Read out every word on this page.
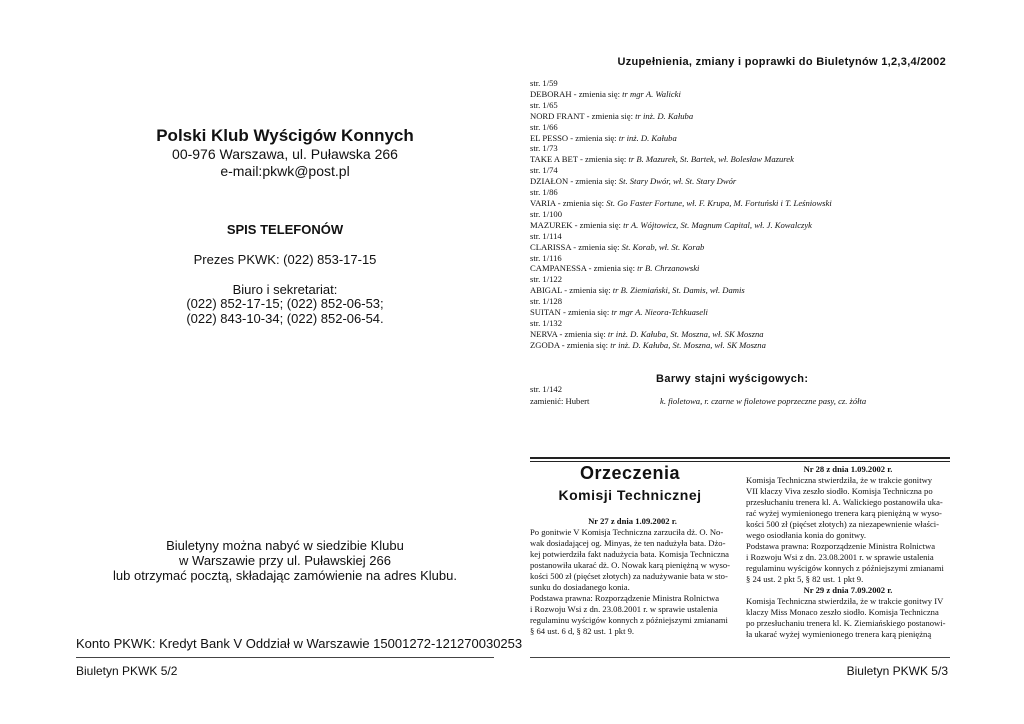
Polski Klub Wyścigów Konnych
00-976 Warszawa, ul. Puławska 266
e-mail:pkwk@post.pl
SPIS TELEFONÓW
Prezes PKWK: (022) 853-17-15
Biuro i sekretariat:
(022) 852-17-15; (022) 852-06-53;
(022) 843-10-34; (022) 852-06-54.
Biuletyny można nabyć w siedzibie Klubu
w Warszawie przy ul. Puławskiej 266
lub otrzymać pocztą, składając zamówienie na adres Klubu.
Konto PKWK: Kredyt Bank V Oddział w Warszawie 15001272-121270030253
Biuletyn PKWK 5/2
Uzupełnienia, zmiany i poprawki do Biuletynów 1,2,3,4/2002
str. 1/59
DEBORAH - zmienia się: tr mgr A. Walicki
str. 1/65
NORD FRANT - zmienia się: tr inż. D. Kałuba
str. 1/66
EL PESSO - zmienia się: tr inż. D. Kałuba
str. 1/73
TAKE A BET - zmienia się: tr B. Mazurek, St. Bartek, wł. Bolesław Mazurek
str. 1/74
DZIAŁON - zmienia się: St. Stary Dwór, wł. St. Stary Dwór
str. 1/86
VARIA - zmienia się: St. Go Faster Fortune, wł. F. Krupa, M. Fortuński i T. Leśniowski
str. 1/100
MAZUREK - zmienia się: tr A. Wójtowicz, St. Magnum Capital, wł. J. Kowalczyk
str. 1/114
CLARISSA - zmienia się: St. Korab, wł. St. Korab
str. 1/116
CAMPANESSA - zmienia się: tr B. Chrzanowski
str. 1/122
ABIGAL - zmienia się: tr B. Ziemiański, St. Damis, wł. Damis
str. 1/128
SUITAN - zmienia się: tr mgr A. Nieora-Tchkuaseli
str. 1/132
NERVA - zmienia się: tr inż. D. Kałuba, St. Moszna, wł. SK Moszna
ZGODA - zmienia się: tr inż. D. Kałuba, St. Moszna, wł. SK Moszna
Barwy stajni wyścigowych:
str. 1/142
zamienić: Hubert	k. fioletowa, r. czarne w fioletowe poprzeczne pasy, cz. żółta
Orzeczenia
Komisji Technicznej
Nr 27 z dnia 1.09.2002 r.
Po gonitwie V Komisja Techniczna zarzuciła dż. O. No-
wak dosiadającej og. Minyas, że ten nadużyła bata. Dżo-
kej potwierdziła fakt nadużycia bata. Komisja Techniczna
postanowiła ukarać dż. O. Nowak karą pieniężną w wyso-
kości 500 zł (pięćset złotych) za nadużywanie bata w sto-
sunku do dosiadanego konia.
Podstawa prawna: Rozporządzenie Ministra Rolnictwa
i Rozwoju Wsi z dn. 23.08.2001 r. w sprawie ustalenia
regulaminu wyścigów konnych z późniejszymi zmianami
§ 64 ust. 6 d, § 82 ust. 1 pkt 9.
Nr 28 z dnia 1.09.2002 r.
Komisja Techniczna stwierdziła, że w trakcie gonitwy
VII klaczy Viva zeszło siodło. Komisja Techniczna po
przesłuchaniu trenera kl. A. Walickiego postanowiła uka-
rać wyżej wymienionego trenera karą pieniężną w wyso-
kości 500 zł (pięćset złotych) za niezapewnienie właści-
wego osiodłania konia do gonitwy.
Podstawa prawna: Rozporządzenie Ministra Rolnictwa
i Rozwoju Wsi z dn. 23.08.2001 r. w sprawie ustalenia
regulaminu wyścigów konnych z późniejszymi zmianami
§ 24 ust. 2 pkt 5, § 82 ust. 1 pkt 9.
Nr 29 z dnia 7.09.2002 r.
Komisja Techniczna stwierdziła, że w trakcie gonitwy IV
klaczy Miss Monaco zeszło siodło. Komisja Techniczna
po przesłuchaniu trenera kl. K. Ziemiańskiego postanowi-
ła ukarać wyżej wymienionego trenera karą pieniężną
Biuletyn PKWK 5/3
